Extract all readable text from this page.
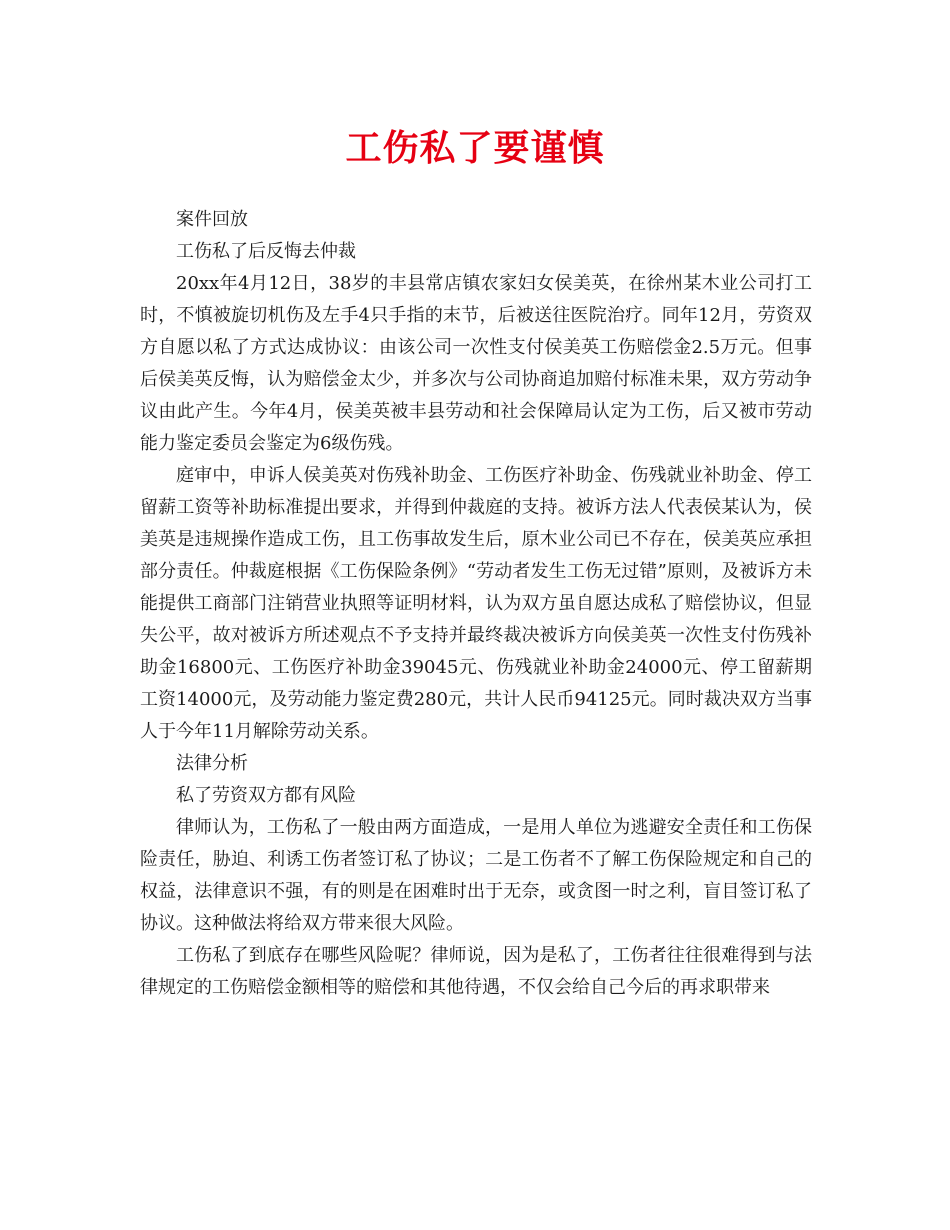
工伤私了要谨慎

案件回放

工伤私了后反悔去仲裁

20xx年4月12日，38岁的丰县常店镇农家妇女侯美英，在徐州某木业公司打工时，不慎被旋切机伤及左手4只手指的末节，后被送往医院治疗。同年12月，劳资双方自愿以私了方式达成协议：由该公司一次性支付侯美英工伤赔偿金2.5万元。但事后侯美英反悔，认为赔偿金太少，并多次与公司协商追加赔付标准未果，双方劳动争议由此产生。今年4月，侯美英被丰县劳动和社会保障局认定为工伤，后又被市劳动能力鉴定委员会鉴定为6级伤残。

庭审中，申诉人侯美英对伤残补助金、工伤医疗补助金、伤残就业补助金、停工留薪工资等补助标准提出要求，并得到仲裁庭的支持。被诉方法人代表侯某认为，侯美英是违规操作造成工伤，且工伤事故发生后，原木业公司已不存在，侯美英应承担部分责任。仲裁庭根据《工伤保险条例》“劳动者发生工伤无过错”原则，及被诉方未能提供工商部门注销营业执照等证明材料，认为双方虽自愿达成私了赔偿协议，但显失公平，故对被诉方所述观点不予支持并最终裁决被诉方向侯美英一次性支付伤残补助金16800元、工伤医疗补助金39045元、伤残就业补助金24000元、停工留薪期工资14000元，及劳动能力鉴定费280元，共计人民币94125元。同时裁决双方当事人于今年11月解除劳动关系。

法律分析

私了劳资双方都有风险

律师认为，工伤私了一般由两方面造成，一是用人单位为逃避安全责任和工伤保险责任，胁迫、利诱工伤者签订私了协议；二是工伤者不了解工伤保险规定和自己的权益，法律意识不强，有的则是在困难时出于无奈，或贪图一时之利，盲目签订私了协议。这种做法将给双方带来很大风险。

工伤私了到底存在哪些风险呢？律师说，因为是私了，工伤者往往很难得到与法律规定的工伤赔偿金额相等的赔偿和其他待遇，不仅会给自己今后的再求职带来
